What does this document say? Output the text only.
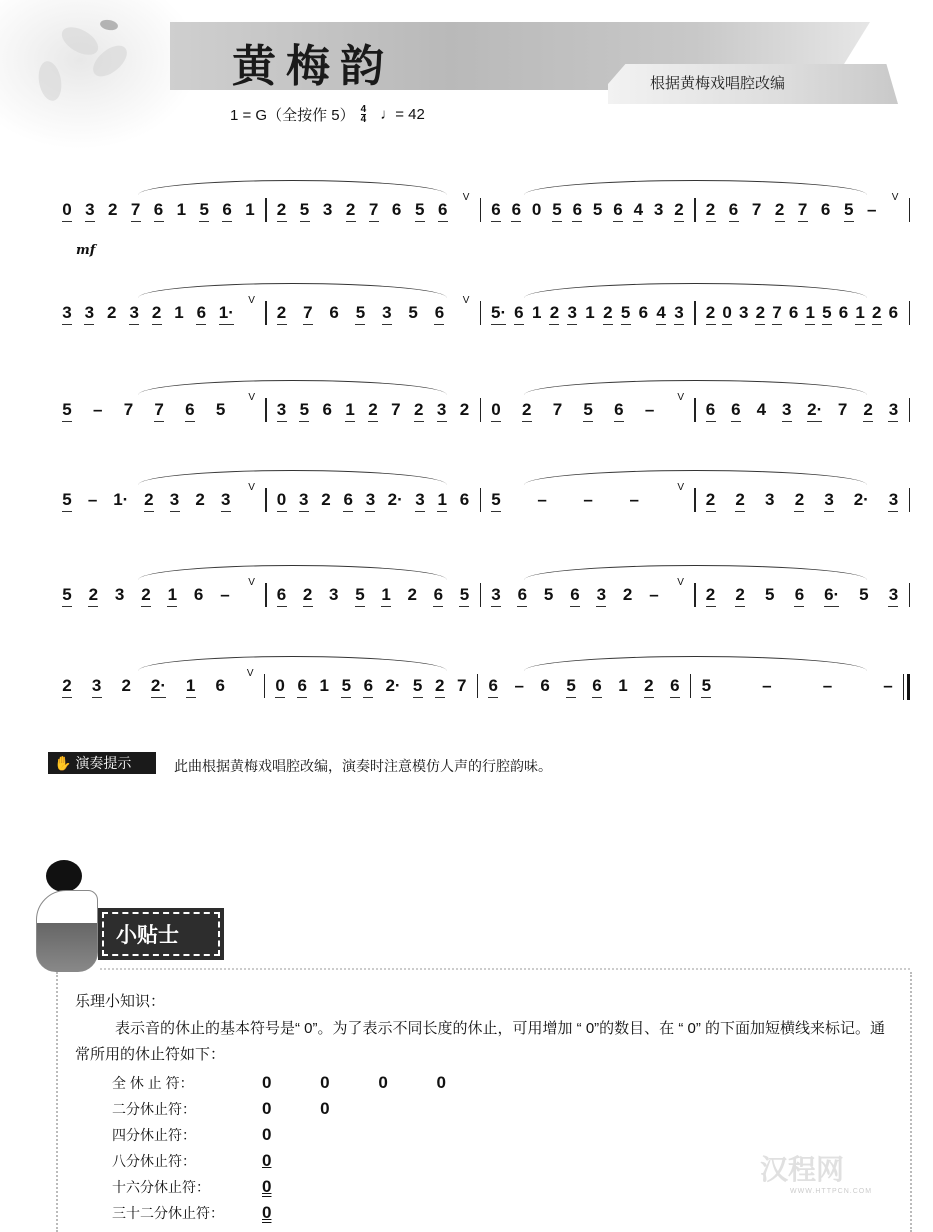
黄梅韵	根据黄梅戏唱腔改编
1 = G（全按作 5） 4
4 ♩= 42
mf
0 3 2 7 6 1 5 6 1 2 5 3 2 7 6 5 6
V
6 6 0 5 6 5 6 4 3 2 2 6 7 2 7 6 5 –
V
3 3 2 3 2 1 6 1·
V
2 7 6 5 3 5 6
V
5· 6 1 2 3 1 2 5 6 4 3 2 0 3 2 7 6 1 5 6 1 2 6
5 – 7 7 6 5
V
3 5 6 1 2 7 2 3 2 0 2 7 5 6 –
V
6 6 4 3 2· 7 2 3
5 – 1· 2 3 2 3
V
0 3 2 6 3 2· 3 1 6 5 – – –
V
2 2 3 2 3 2· 3
5 2 3 2 1 6 –
V
6 2 3 5 1 2 6 5 3 6 5 6 3 2 –
V
2 2 5 6 6· 5 3
2 3 2 2· 1 6
V
0 6 1 5 6 2· 5 2 7 6 – 6 5 6 1 2 6 5	–	–	–
✋ 演奏提示	此曲根据黄梅戏唱腔改编，演奏时注意模仿人声的行腔韵味。
小贴士
乐理小知识：
表示音的休止的基本符号是“ 0”。为了表示不同长度的休止，可用增加 “ 0”的数目、在 “ 0” 的下面加短横线来标记。通常所用的休止符如下：
全 休 止 符：	0 0 0 0
二分休止符：	0 0
四分休止符：	0
八分休止符：	0
十六分休止符：	0
三十二分休止符：	0
汉程网
WWW.HTTPCN.COM
